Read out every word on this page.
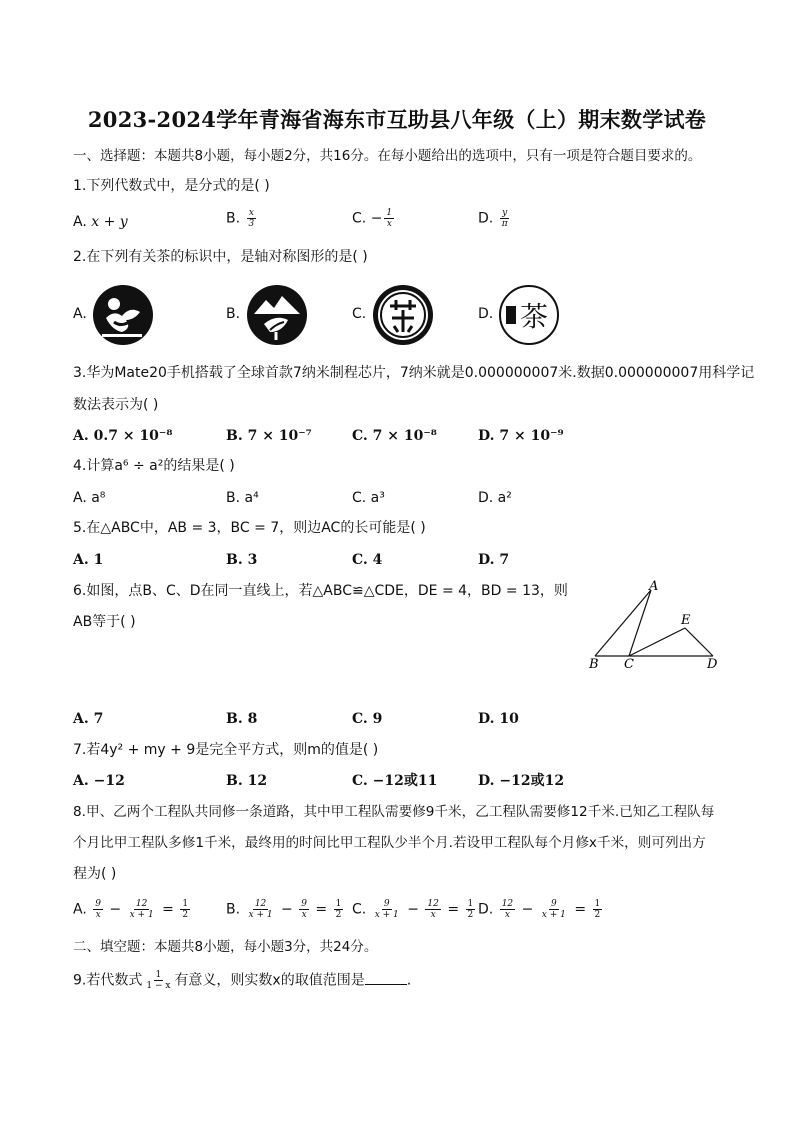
2023-2024学年青海省海东市互助县八年级（上）期末数学试卷
一、选择题：本题共8小题，每小题2分，共16分。在每小题给出的选项中，只有一项是符合题目要求的。
1.下列代数式中，是分式的是( )
A. x + y	B. $\frac{x}{3}$	C. − $\frac{1}{x}$	D. $\frac{y}{\pi}$
2.在下列有关茶的标识中，是轴对称图形的是( )
A.	B.	C.	D. 茶
3.华为Mate20手机搭载了全球首款7纳米制程芯片，7纳米就是0.000000007米.数据0.000000007用科学记
数法表示为( )
A. 0.7 × 10⁻⁸	B. 7 × 10⁻⁷	C. 7 × 10⁻⁸	D. 7 × 10⁻⁹
4.计算a⁶ ÷ a²的结果是( )
A. a⁸	B. a⁴	C. a³	D. a²
5.在△ABC中，AB = 3，BC = 7，则边AC的长可能是( )
A. 1	B. 3	C. 4	D. 7
6.如图，点B、C、D在同一直线上，若△ABC≌△CDE，DE = 4，BD = 13，则
AB等于( )
A
B C	D
E
A. 7	B. 8	C. 9	D. 10
7.若4y² + my + 9是完全平方式，则m的值是( )
A. −12	B. 12	C. −12或11	D. −12或12
8.甲、乙两个工程队共同修一条道路，其中甲工程队需要修9千米，乙工程队需要修12千米.已知乙工程队每
个月比甲工程队多修1千米，最终用的时间比甲工程队少半个月.若设甲工程队每个月修x千米，则可列出方
程为( )
A. $\frac{9}{x} - \frac{12}{x + 1} = \frac{1}{2}$	B. $\frac{12}{x + 1} - \frac{9}{x} = \frac{1}{2} C$. $\frac{9}{x + 1} - \frac{12}{x} = \frac{1}{2} D$. $\frac{12}{x} - \frac{9}{x + 1} = \frac{1}{2}$
二、填空题：本题共8小题，每小题3分，共24分。
9.若代数式 $\frac{1}{1 - x}$ 有意义，则实数x的取值范围是	.
